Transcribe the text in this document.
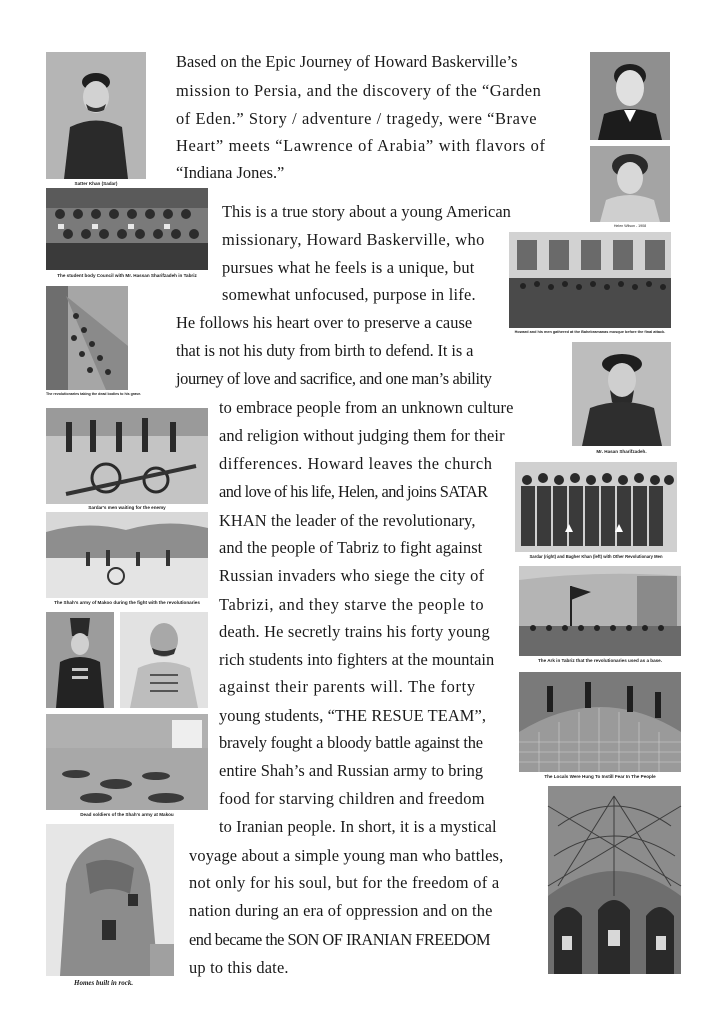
Satter Khan (Sadar)
The student body Council with Mr. Hassan Sharifzadeh in Tabriz
The revolutionaries taking the dead bodies to his grave.
Sardar's men waiting for the enemy
The Shah's army of Makoo during the fight with the revolutionaries
Dead soldiers of the Shah's army at Makou
Homes built in rock.
Helen Wilson - 1908
Howard and his men gathered at the Bahebramanas mosque before the final attack.
Mr. Hasan Sharifzadeh.
Sardar (right) and Bagher Khan (left) with Other Revolutionary Men
The Ark in Tabriz that the revolutionaries used as a base.
The Locals Were Hung To Instill Fear In The People
Based on the Epic Journey of Howard Baskerville’s
mission to Persia, and the discovery of the “Garden
of Eden.” Story / adventure / tragedy, were “Brave
Heart” meets “Lawrence of Arabia” with flavors of
“Indiana Jones.”
This is a true story about a young American
missionary, Howard Baskerville, who
pursues what he feels is a unique, but
somewhat unfocused, purpose in life.
He follows his heart over to preserve a cause
that is not his duty from birth to defend. It is a
journey of love and sacrifice, and one man’s ability
to embrace people from an unknown culture
and religion without judging them for their
differences. Howard leaves the church
and love of his life, Helen, and joins SATAR
KHAN the leader of the revolutionary,
and the people of Tabriz to fight against
Russian invaders who siege the city of
Tabrizi, and they starve the people to
death. He secretly trains his forty young
rich students into fighters at the mountain
against their parents will. The forty
young students, “THE RESUE TEAM”,
bravely fought a bloody battle against the
entire Shah’s and Russian army to bring
food for starving children and freedom
to Iranian people. In short, it is a mystical
voyage about a simple young man who battles,
not only for his soul, but for the freedom of a
nation during an era of oppression and on the
end became the SON OF IRANIAN FREEDOM
up to this date.
